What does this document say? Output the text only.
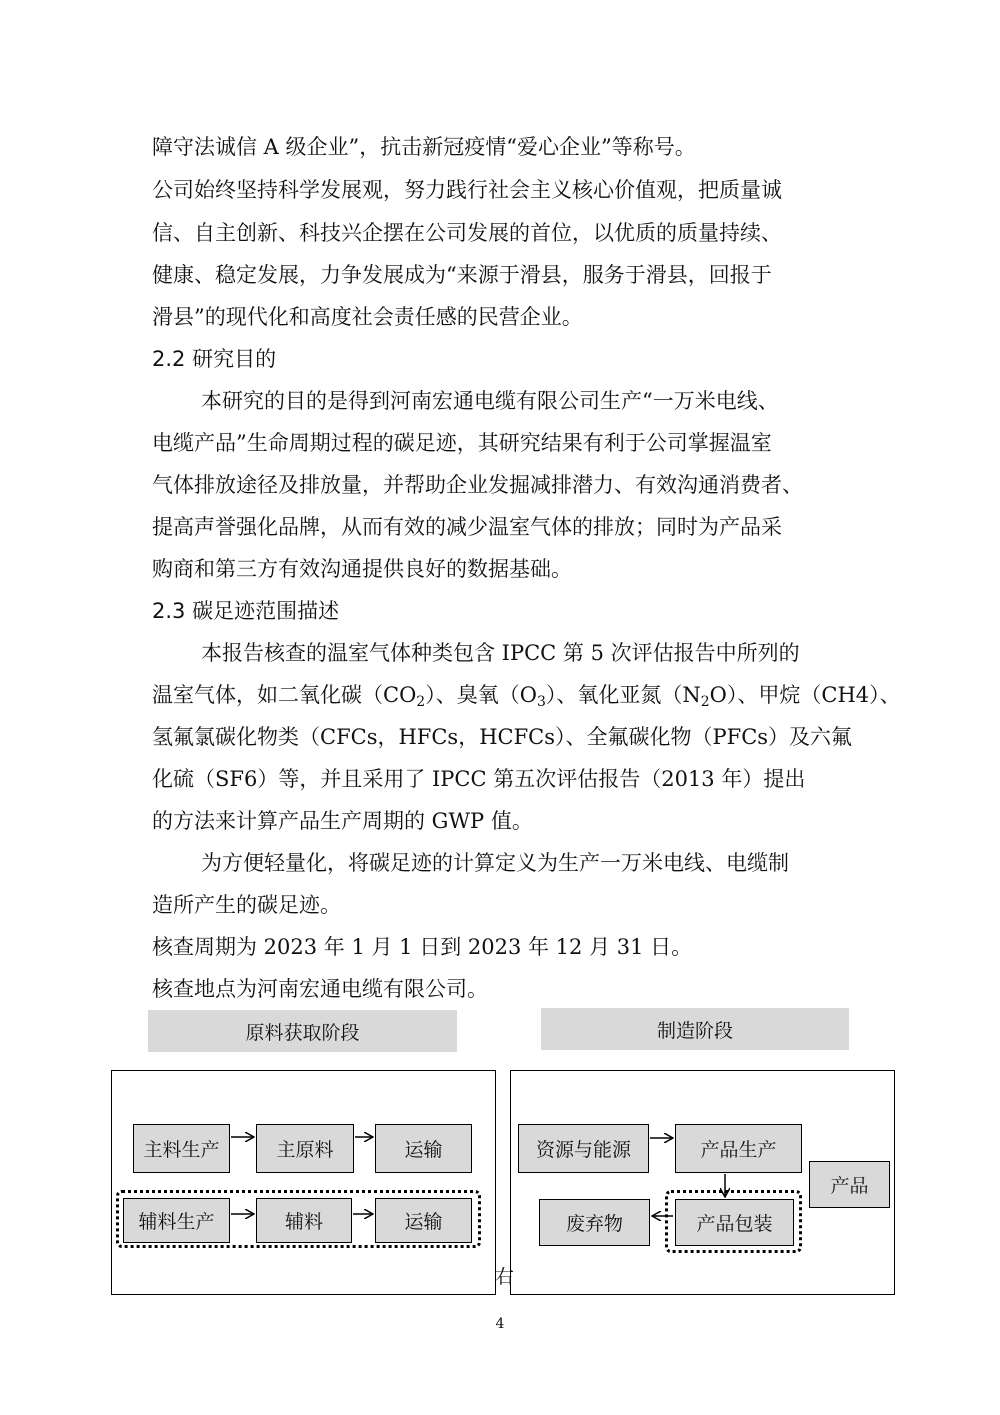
障守法诚信 A 级企业”，抗击新冠疫情“爱心企业”等称号。
公司始终坚持科学发展观，努力践行社会主义核心价值观，把质量诚
信、自主创新、科技兴企摆在公司发展的首位，以优质的质量持续、
健康、稳定发展，力争发展成为“来源于滑县，服务于滑县，回报于
滑县”的现代化和高度社会责任感的民营企业。
2.2 研究目的
本研究的目的是得到河南宏通电缆有限公司生产“一万米电线、
电缆产品”生命周期过程的碳足迹，其研究结果有利于公司掌握温室
气体排放途径及排放量，并帮助企业发掘减排潜力、有效沟通消费者、
提高声誉强化品牌，从而有效的减少温室气体的排放；同时为产品采
购商和第三方有效沟通提供良好的数据基础。
2.3 碳足迹范围描述
本报告核查的温室气体种类包含 IPCC 第 5 次评估报告中所列的
温室气体，如二氧化碳$(CO_2)$、臭氧$(O_3)$、氧化亚氮$(N_2O)$、甲烷（CH4）、
氢氟氯碳化物类（CFCs，HFCs，HCFCs）、全氟碳化物（PFCs）及六氟
化硫（SF6）等，并且采用了 IPCC 第五次评估报告（2013 年）提出
的方法来计算产品生产周期的 GWP 值。
为方便轻量化，将碳足迹的计算定义为生产一万米电线、电缆制
造所产生的碳足迹。
核查周期为 2023 年 1 月 1 日到 2023 年 12 月 31 日。
核查地点为河南宏通电缆有限公司。
原料获取阶段	制造阶段
主料生产	主原料	运输
辅料生产	辅料	运输
资源与能源	产品生产
产品
废弃物	产品包装
右
4
